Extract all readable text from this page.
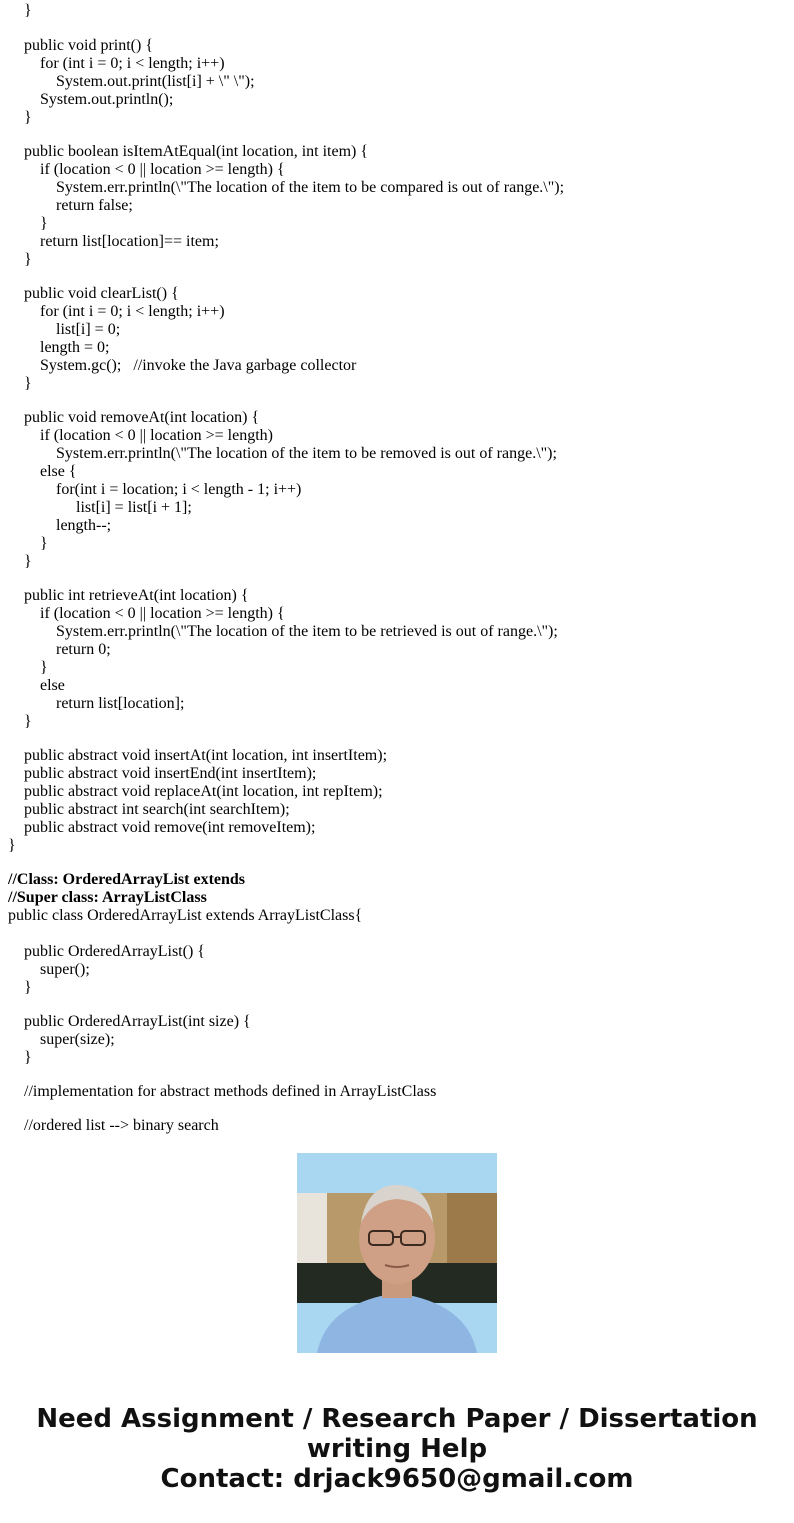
}
public void print() {
for (int i = 0; i < length; i++)
System.out.print(list[i] + \" \");
System.out.println();
}
public boolean isItemAtEqual(int location, int item) {
if (location < 0 || location >= length) {
System.err.println(\"The location of the item to be compared is out of range.\");
return false;
}
return list[location]== item;
}
public void clearList() {
for (int i = 0; i < length; i++)
list[i] = 0;
length = 0;
System.gc();   //invoke the Java garbage collector
}
public void removeAt(int location) {
if (location < 0 || location >= length)
System.err.println(\"The location of the item to be removed is out of range.\");
else {
for(int i = location; i < length - 1; i++)
list[i] = list[i + 1];
length--;
}
}
public int retrieveAt(int location) {
if (location < 0 || location >= length) {
System.err.println(\"The location of the item to be retrieved is out of range.\");
return 0;
}
else
return list[location];
}
public abstract void insertAt(int location, int insertItem);
public abstract void insertEnd(int insertItem);
public abstract void replaceAt(int location, int repItem);
public abstract int search(int searchItem);
public abstract void remove(int removeItem);
}
//Class: OrderedArrayList extends
//Super class: ArrayListClass
public class OrderedArrayList extends ArrayListClass{
public OrderedArrayList() {
super();
}
public OrderedArrayList(int size) {
super(size);
}
//implementation for abstract methods defined in ArrayListClass
//ordered list --> binary search
Need Assignment / Research Paper / Dissertation
writing Help
Contact: drjack9650@gmail.com
